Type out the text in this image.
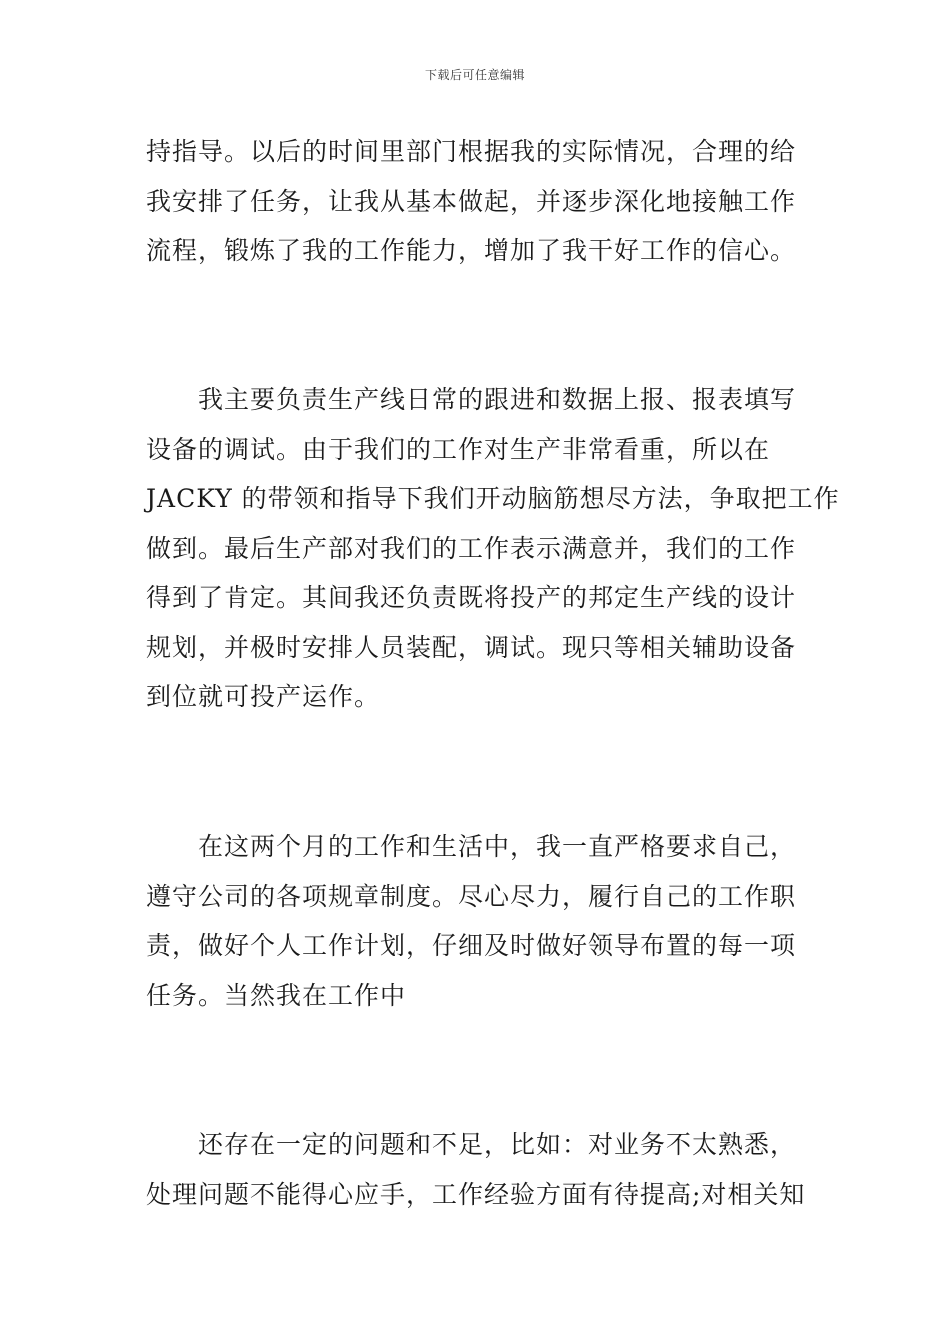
下载后可任意编辑
持指导。以后的时间里部门根据我的实际情况，合理的给
我安排了任务，让我从基本做起，并逐步深化地接触工作
流程，锻炼了我的工作能力，增加了我干好工作的信心。
我主要负责生产线日常的跟进和数据上报、报表填写
设备的调试。由于我们的工作对生产非常看重，所以在
JACKY 的带领和指导下我们开动脑筋想尽方法，争取把工作
做到。最后生产部对我们的工作表示满意并，我们的工作
得到了肯定。其间我还负责既将投产的邦定生产线的设计
规划，并极时安排人员装配，调试。现只等相关辅助设备
到位就可投产运作。
在这两个月的工作和生活中，我一直严格要求自己，
遵守公司的各项规章制度。尽心尽力，履行自己的工作职
责，做好个人工作计划，仔细及时做好领导布置的每一项
任务。当然我在工作中
还存在一定的问题和不足，比如：对业务不太熟悉，
处理问题不能得心应手，工作经验方面有待提高;对相关知
